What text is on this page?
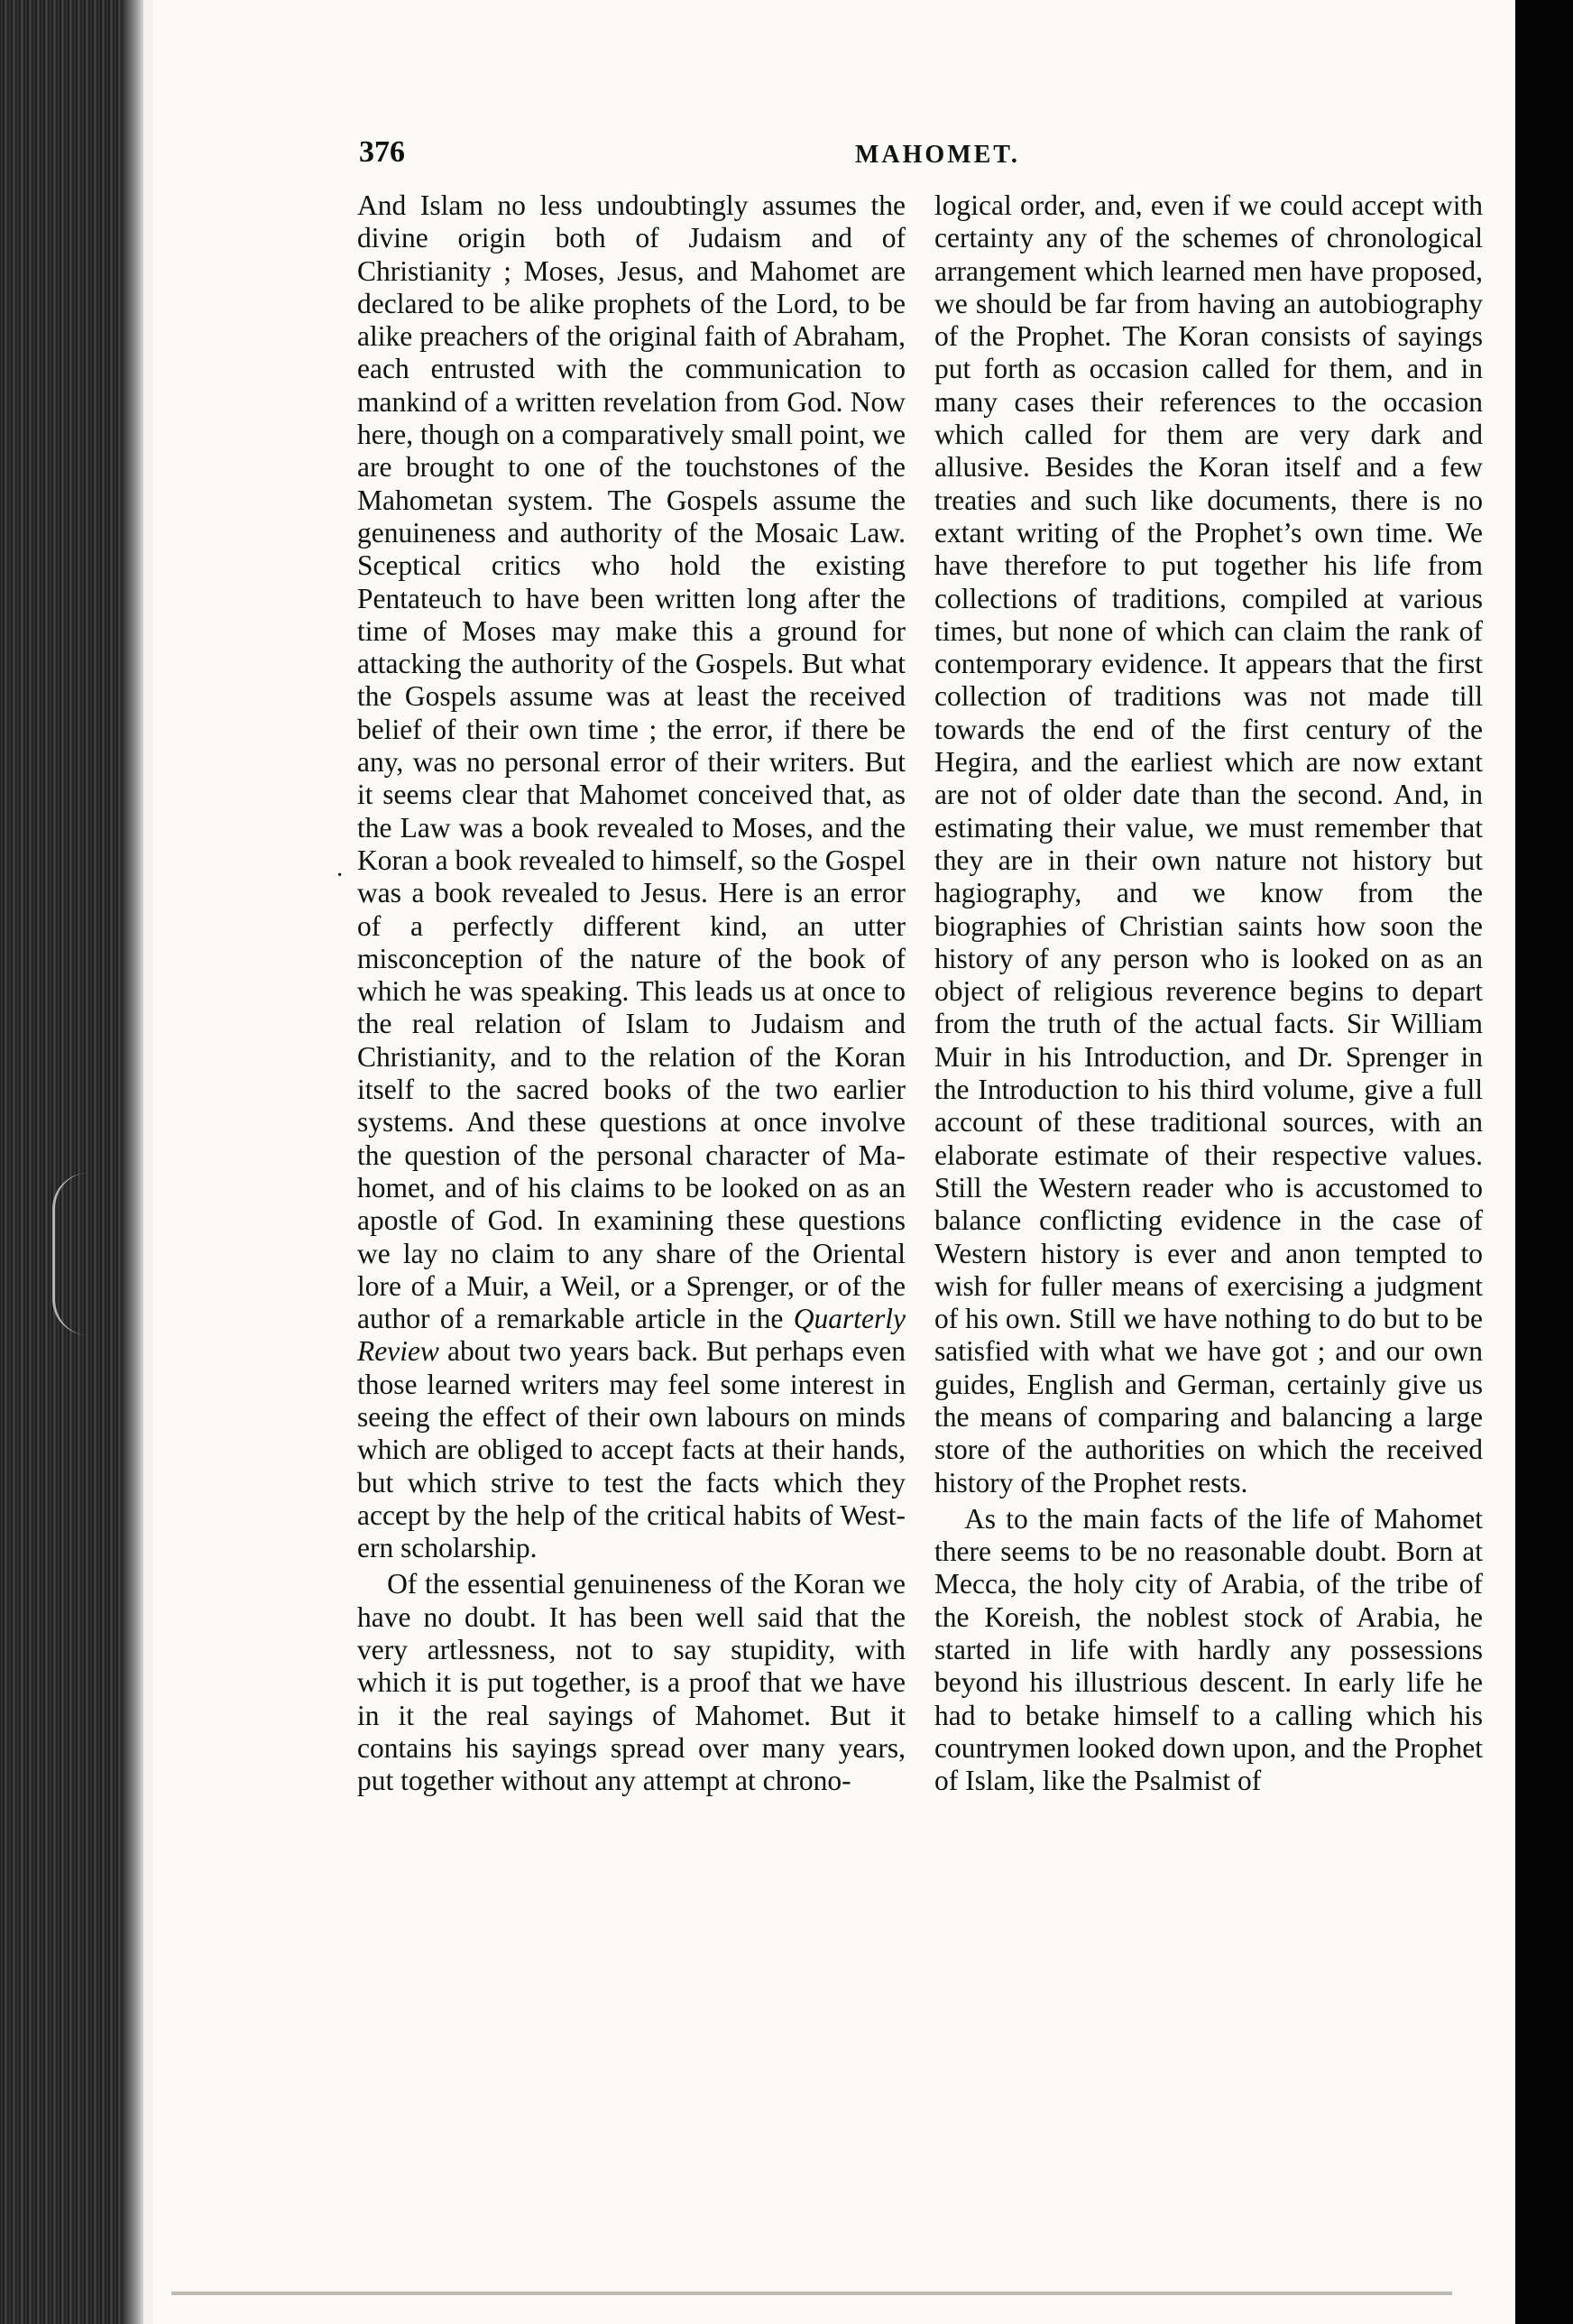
376	MAHOMET.
·

And Islam no less undoubtingly assumes the divine origin both of Judaism and of Christianity ; Moses, Jesus, and Mahomet are declared to be alike prophets of the Lord, to be alike preachers of the original faith of Abraham, each entrusted with the communication to mankind of a written revelation from God. Now here, though on a comparatively small point, we are brought to one of the touchstones of the Mahometan system. The Gospels assume the genuineness and authority of the Mosaic Law. Sceptical critics who hold the existing Pentateuch to have been written long after the time of Moses may make this a ground for attacking the authority of the Gospels. But what the Gospels assume was at least the received belief of their own time ; the error, if there be any, was no personal error of their writers. But it seems clear that Mahomet conceived that, as the Law was a book revealed to Moses, and the Koran a book revealed to himself, so the Gospel was a book revealed to Jesus. Here is an error of a perfectly different kind, an utter misconception of the nature of the book of which he was speaking. This leads us at once to the real relation of Islam to Judaism and Christianity, and to the relation of the Koran itself to the sacred books of the two earlier systems. And these questions at once involve the question of the personal character of Mahomet, and of his claims to be looked on as an apostle of God. In examining these questions we lay no claim to any share of the Oriental lore of a Muir, a Weil, or a Sprenger, or of the author of a remarkable article in the Quarterly Review about two years back. But perhaps even those learned writers may feel some interest in seeing the effect of their own labours on minds which are obliged to accept facts at their hands, but which strive to test the facts which they accept by the help of the critical habits of Western scholarship.

Of the essential genuineness of the Koran we have no doubt. It has been well said that the very artlessness, not to say stupidity, with which it is put together, is a proof that we have in it the real sayings of Mahomet. But it contains his sayings spread over many years, put together without any attempt at chrono-

logical order, and, even if we could accept with certainty any of the schemes of chronological arrangement which learned men have proposed, we should be far from having an autobiography of the Prophet. The Koran consists of sayings put forth as occasion called for them, and in many cases their references to the occasion which called for them are very dark and allusive. Besides the Koran itself and a few treaties and such like documents, there is no extant writing of the Prophet’s own time. We have therefore to put together his life from collections of traditions, compiled at various times, but none of which can claim the rank of contemporary evidence. It appears that the first collection of traditions was not made till towards the end of the first century of the Hegira, and the earliest which are now extant are not of older date than the second. And, in estimating their value, we must remember that they are in their own nature not history but hagiography, and we know from the biographies of Christian saints how soon the history of any person who is looked on as an object of religious reverence begins to depart from the truth of the actual facts. Sir William Muir in his Introduction, and Dr. Sprenger in the Introduction to his third volume, give a full account of these traditional sources, with an elaborate estimate of their respective values. Still the Western reader who is accustomed to balance conflicting evidence in the case of Western history is ever and anon tempted to wish for fuller means of exercising a judgment of his own. Still we have nothing to do but to be satisfied with what we have got ; and our own guides, English and German, certainly give us the means of comparing and balancing a large store of the authorities on which the received history of the Prophet rests.

As to the main facts of the life of Mahomet there seems to be no reasonable doubt. Born at Mecca, the holy city of Arabia, of the tribe of the Koreish, the noblest stock of Arabia, he started in life with hardly any possessions beyond his illustrious descent. In early life he had to betake himself to a calling which his countrymen looked down upon, and the Prophet of Islam, like the Psalmist of
